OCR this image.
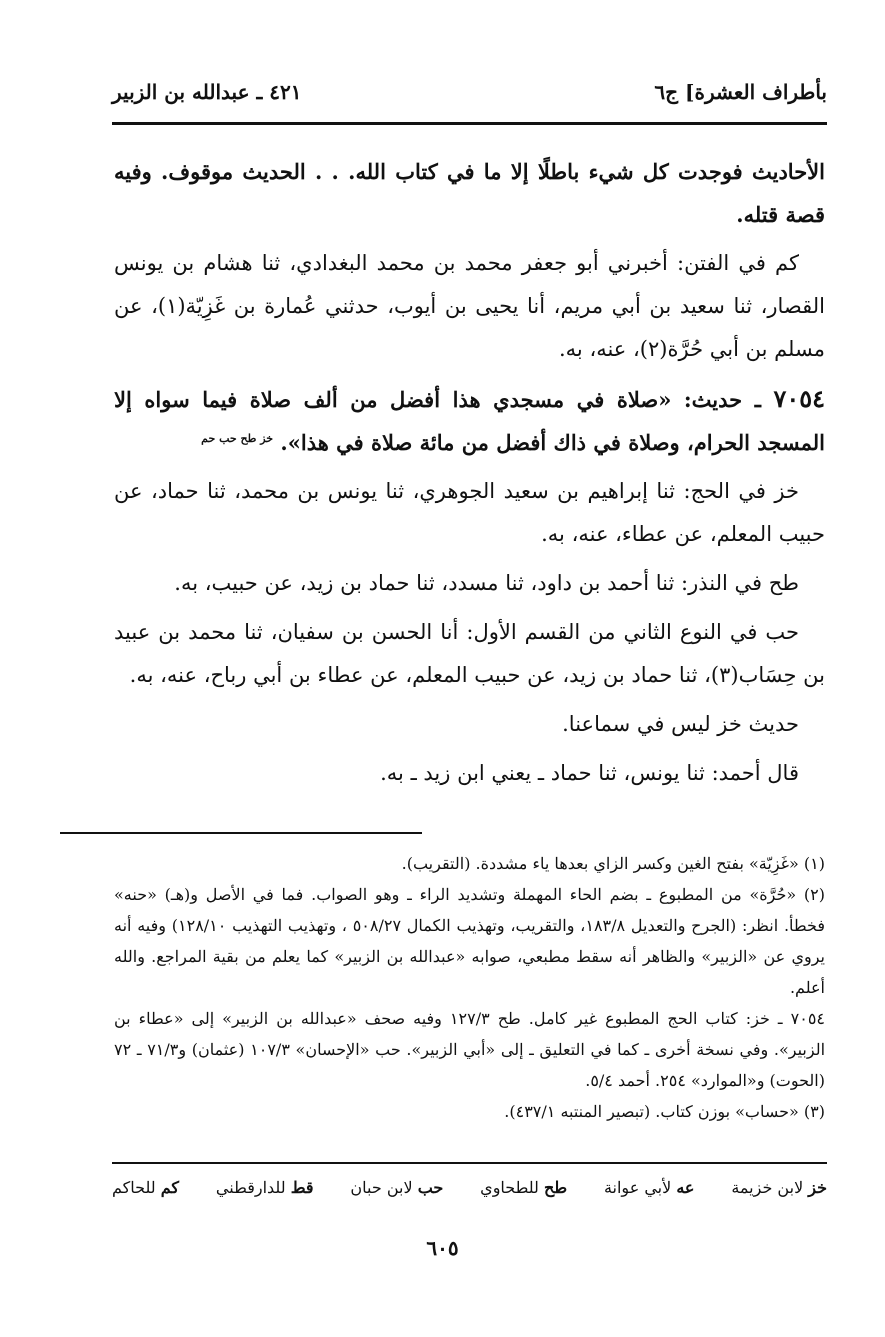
بأطراف العشرة] ج٦
٤٢١ ـ عبدالله بن الزبير

الأحاديث فوجدت كل شيء باطلًا إلا ما في كتاب الله. . . الحديث موقوف. وفيه قصة قتله.

كم في الفتن: أخبرني أبو جعفر محمد بن محمد البغدادي، ثنا هشام بن يونس القصار، ثنا سعيد بن أبي مريم، أنا يحيى بن أيوب، حدثني عُمارة بن غَزِيّة(١)، عن مسلم بن أبي حُرَّة(٢)، عنه، به.

٧٠٥٤ ـ حديث: «صلاة في مسجدي هذا أفضل من ألف صلاة فيما سواه إلا المسجد الحرام، وصلاة في ذاك أفضل من مائة صلاة في هذا». $^{خز طح حب حم}$

خز في الحج: ثنا إبراهيم بن سعيد الجوهري، ثنا يونس بن محمد، ثنا حماد، عن حبيب المعلم، عن عطاء، عنه، به.

طح في النذر: ثنا أحمد بن داود، ثنا مسدد، ثنا حماد بن زيد، عن حبيب، به.

حب في النوع الثاني من القسم الأول: أنا الحسن بن سفيان، ثنا محمد بن عبيد بن حِسَاب(٣)، ثنا حماد بن زيد، عن حبيب المعلم، عن عطاء بن أبي رباح، عنه، به.

حديث خز ليس في سماعنا.

قال أحمد: ثنا يونس، ثنا حماد ـ يعني ابن زيد ـ به.

(١) «غَزِيّة» بفتح الغين وكسر الزاي بعدها ياء مشددة. (التقريب).

(٢) «حُرَّة» من المطبوع ـ بضم الحاء المهملة وتشديد الراء ـ وهو الصواب. فما في الأصل و(هـ) «حنه» فخطأ. انظر: (الجرح والتعديل ١٨٣/٨، والتقريب، وتهذيب الكمال ٥٠٨/٢٧ ، وتهذيب التهذيب ١٢٨/١٠) وفيه أنه يروي عن «الزبير» والظاهر أنه سقط مطبعي، صوابه «عبدالله بن الزبير» كما يعلم من بقية المراجع. والله أعلم.

٧٠٥٤ ـ خز: كتاب الحج المطبوع غير كامل. طح ١٢٧/٣ وفيه صحف «عبدالله بن الزبير» إلى «عطاء بن الزبير». وفي نسخة أخرى ـ كما في التعليق ـ إلى «أبي الزبير». حب «الإحسان» ١٠٧/٣ (عثمان) و٧١/٣ ـ ٧٢ (الحوت) و«الموارد» ٢٥٤. أحمد ٥/٤.

(٣) «حساب» بوزن كتاب. (تبصير المنتبه ٤٣٧/١).

خز لابن خزيمة
عه لأبي عوانة
طح للطحاوي
حب لابن حبان
قط للدارقطني
كم للحاكم
٦٠٥
